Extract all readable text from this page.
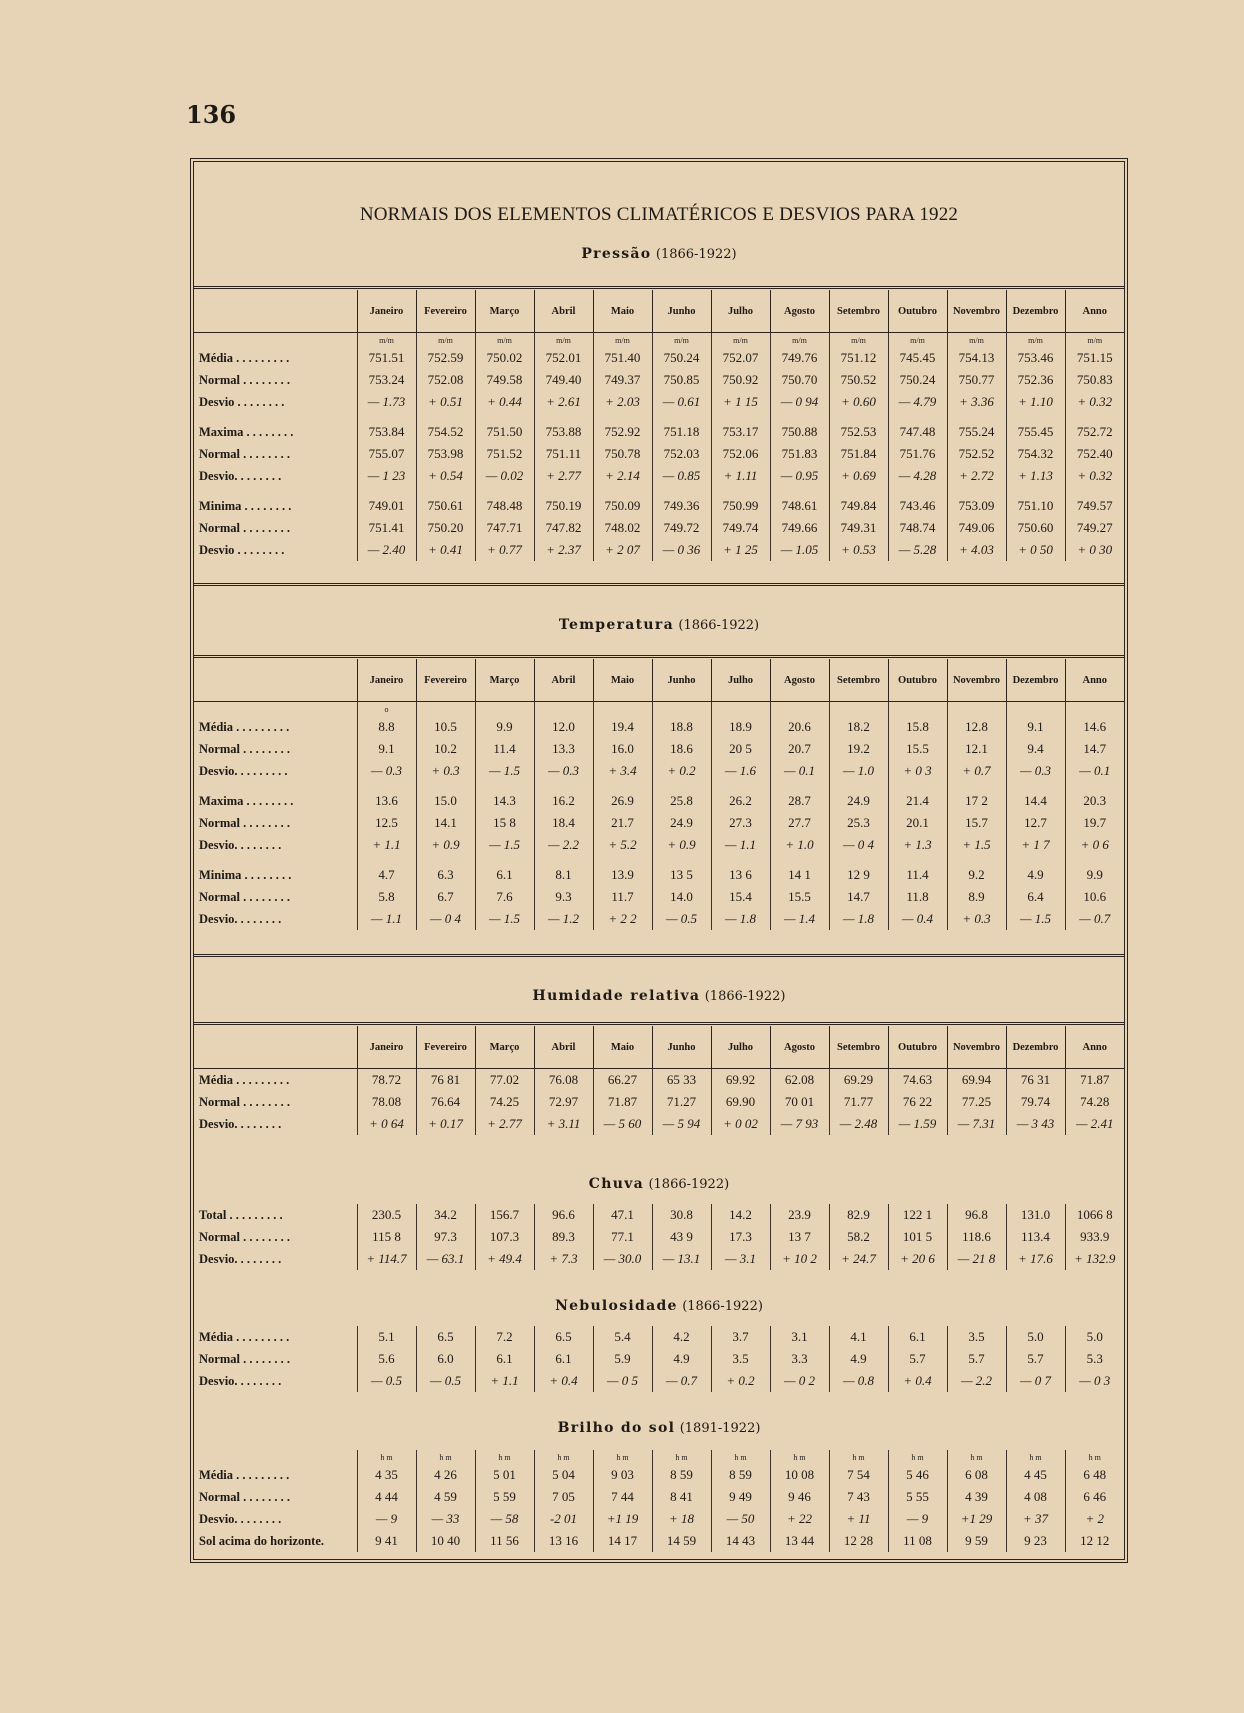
136
NORMAIS DOS ELEMENTOS CLIMATÉRICOS E DESVIOS PARA 1922
Pressão (1866-1922)
	Janeiro	Fevereiro	Março	Abril	Maio	Junho	Julho	Agosto	Setembro	Outubro	Novembro	Dezembro	Anno
	m/m	m/m	m/m	m/m	m/m	m/m	m/m	m/m	m/m	m/m	m/m	m/m	m/m
Média . . . . . . . . .	751.51	752.59	750.02	752.01	751.40	750.24	752.07	749.76	751.12	745.45	754.13	753.46	751.15
Normal . . . . . . . .	753.24	752.08	749.58	749.40	749.37	750.85	750.92	750.70	750.52	750.24	750.77	752.36	750.83
Desvio . . . . . . . .	— 1.73	+ 0.51	+ 0.44	+ 2.61	+ 2.03	— 0.61	+ 1 15	— 0 94	+ 0.60	— 4.79	+ 3.36	+ 1.10	+ 0.32

Maxima . . . . . . . .	753.84	754.52	751.50	753.88	752.92	751.18	753.17	750.88	752.53	747.48	755.24	755.45	752.72
Normal . . . . . . . .	755.07	753.98	751.52	751.11	750.78	752.03	752.06	751.83	751.84	751.76	752.52	754.32	752.40
Desvio. . . . . . . .	— 1 23	+ 0.54	— 0.02	+ 2.77	+ 2.14	— 0.85	+ 1.11	— 0.95	+ 0.69	— 4.28	+ 2.72	+ 1.13	+ 0.32

Minima . . . . . . . .	749.01	750.61	748.48	750.19	750.09	749.36	750.99	748.61	749.84	743.46	753.09	751.10	749.57
Normal . . . . . . . .	751.41	750.20	747.71	747.82	748.02	749.72	749.74	749.66	749.31	748.74	749.06	750.60	749.27
Desvio . . . . . . . .	— 2.40	+ 0.41	+ 0.77	+ 2.37	+ 2 07	— 0 36	+ 1 25	— 1.05	+ 0.53	— 5.28	+ 4.03	+ 0 50	+ 0 30
Temperatura (1866-1922)
	Janeiro	Fevereiro	Março	Abril	Maio	Junho	Julho	Agosto	Setembro	Outubro	Novembro	Dezembro	Anno
	o												
Média . . . . . . . . .	8.8	10.5	9.9	12.0	19.4	18.8	18.9	20.6	18.2	15.8	12.8	9.1	14.6
Normal . . . . . . . .	9.1	10.2	11.4	13.3	16.0	18.6	20 5	20.7	19.2	15.5	12.1	9.4	14.7
Desvio. . . . . . . . .	— 0.3	+ 0.3	— 1.5	— 0.3	+ 3.4	+ 0.2	— 1.6	— 0.1	— 1.0	+ 0 3	+ 0.7	— 0.3	— 0.1

Maxima . . . . . . . .	13.6	15.0	14.3	16.2	26.9	25.8	26.2	28.7	24.9	21.4	17 2	14.4	20.3
Normal . . . . . . . .	12.5	14.1	15 8	18.4	21.7	24.9	27.3	27.7	25.3	20.1	15.7	12.7	19.7
Desvio. . . . . . . .	+ 1.1	+ 0.9	— 1.5	— 2.2	+ 5.2	+ 0.9	— 1.1	+ 1.0	— 0 4	+ 1.3	+ 1.5	+ 1 7	+ 0 6

Minima . . . . . . . .	4.7	6.3	6.1	8.1	13.9	13 5	13 6	14 1	12 9	11.4	9.2	4.9	9.9
Normal . . . . . . . .	5.8	6.7	7.6	9.3	11.7	14.0	15.4	15.5	14.7	11.8	8.9	6.4	10.6
Desvio. . . . . . . .	— 1.1	— 0 4	— 1.5	— 1.2	+ 2 2	— 0.5	— 1.8	— 1.4	— 1.8	— 0.4	+ 0.3	— 1.5	— 0.7
Humidade relativa (1866-1922)
	Janeiro	Fevereiro	Março	Abril	Maio	Junho	Julho	Agosto	Setembro	Outubro	Novembro	Dezembro	Anno
Média . . . . . . . . .	78.72	76 81	77.02	76.08	66.27	65 33	69.92	62.08	69.29	74.63	69.94	76 31	71.87
Normal . . . . . . . .	78.08	76.64	74.25	72.97	71.87	71.27	69.90	70 01	71.77	76 22	77.25	79.74	74.28
Desvio. . . . . . . .	+ 0 64	+ 0.17	+ 2.77	+ 3.11	— 5 60	— 5 94	+ 0 02	— 7 93	— 2.48	— 1.59	— 7.31	— 3 43	— 2.41
Chuva (1866-1922)
Total . . . . . . . . .	230.5	34.2	156.7	96.6	47.1	30.8	14.2	23.9	82.9	122 1	96.8	131.0	1066 8
Normal . . . . . . . .	115 8	97.3	107.3	89.3	77.1	43 9	17.3	13 7	58.2	101 5	118.6	113.4	933.9
Desvio. . . . . . . .	+ 114.7	— 63.1	+ 49.4	+ 7.3	— 30.0	— 13.1	— 3.1	+ 10 2	+ 24.7	+ 20 6	— 21 8	+ 17.6	+ 132.9
Nebulosidade (1866-1922)
Média . . . . . . . . .	5.1	6.5	7.2	6.5	5.4	4.2	3.7	3.1	4.1	6.1	3.5	5.0	5.0
Normal . . . . . . . .	5.6	6.0	6.1	6.1	5.9	4.9	3.5	3.3	4.9	5.7	5.7	5.7	5.3
Desvio. . . . . . . .	— 0.5	— 0.5	+ 1.1	+ 0.4	— 0 5	— 0.7	+ 0.2	— 0 2	— 0.8	+ 0.4	— 2.2	— 0 7	— 0 3
Brilho do sol (1891-1922)
	h m	h m	h m	h m	h m	h m	h m	h m	h m	h m	h m	h m	h m
Média . . . . . . . . .	4 35	4 26	5 01	5 04	9 03	8 59	8 59	10 08	7 54	5 46	6 08	4 45	6 48
Normal . . . . . . . .	4 44	4 59	5 59	7 05	7 44	8 41	9 49	9 46	7 43	5 55	4 39	4 08	6 46
Desvio. . . . . . . .	— 9	— 33	— 58	-2 01	+1 19	+ 18	— 50	+ 22	+ 11	— 9	+1 29	+ 37	+ 2
Sol acima do horizonte.	9 41	10 40	11 56	13 16	14 17	14 59	14 43	13 44	12 28	11 08	9 59	9 23	12 12
